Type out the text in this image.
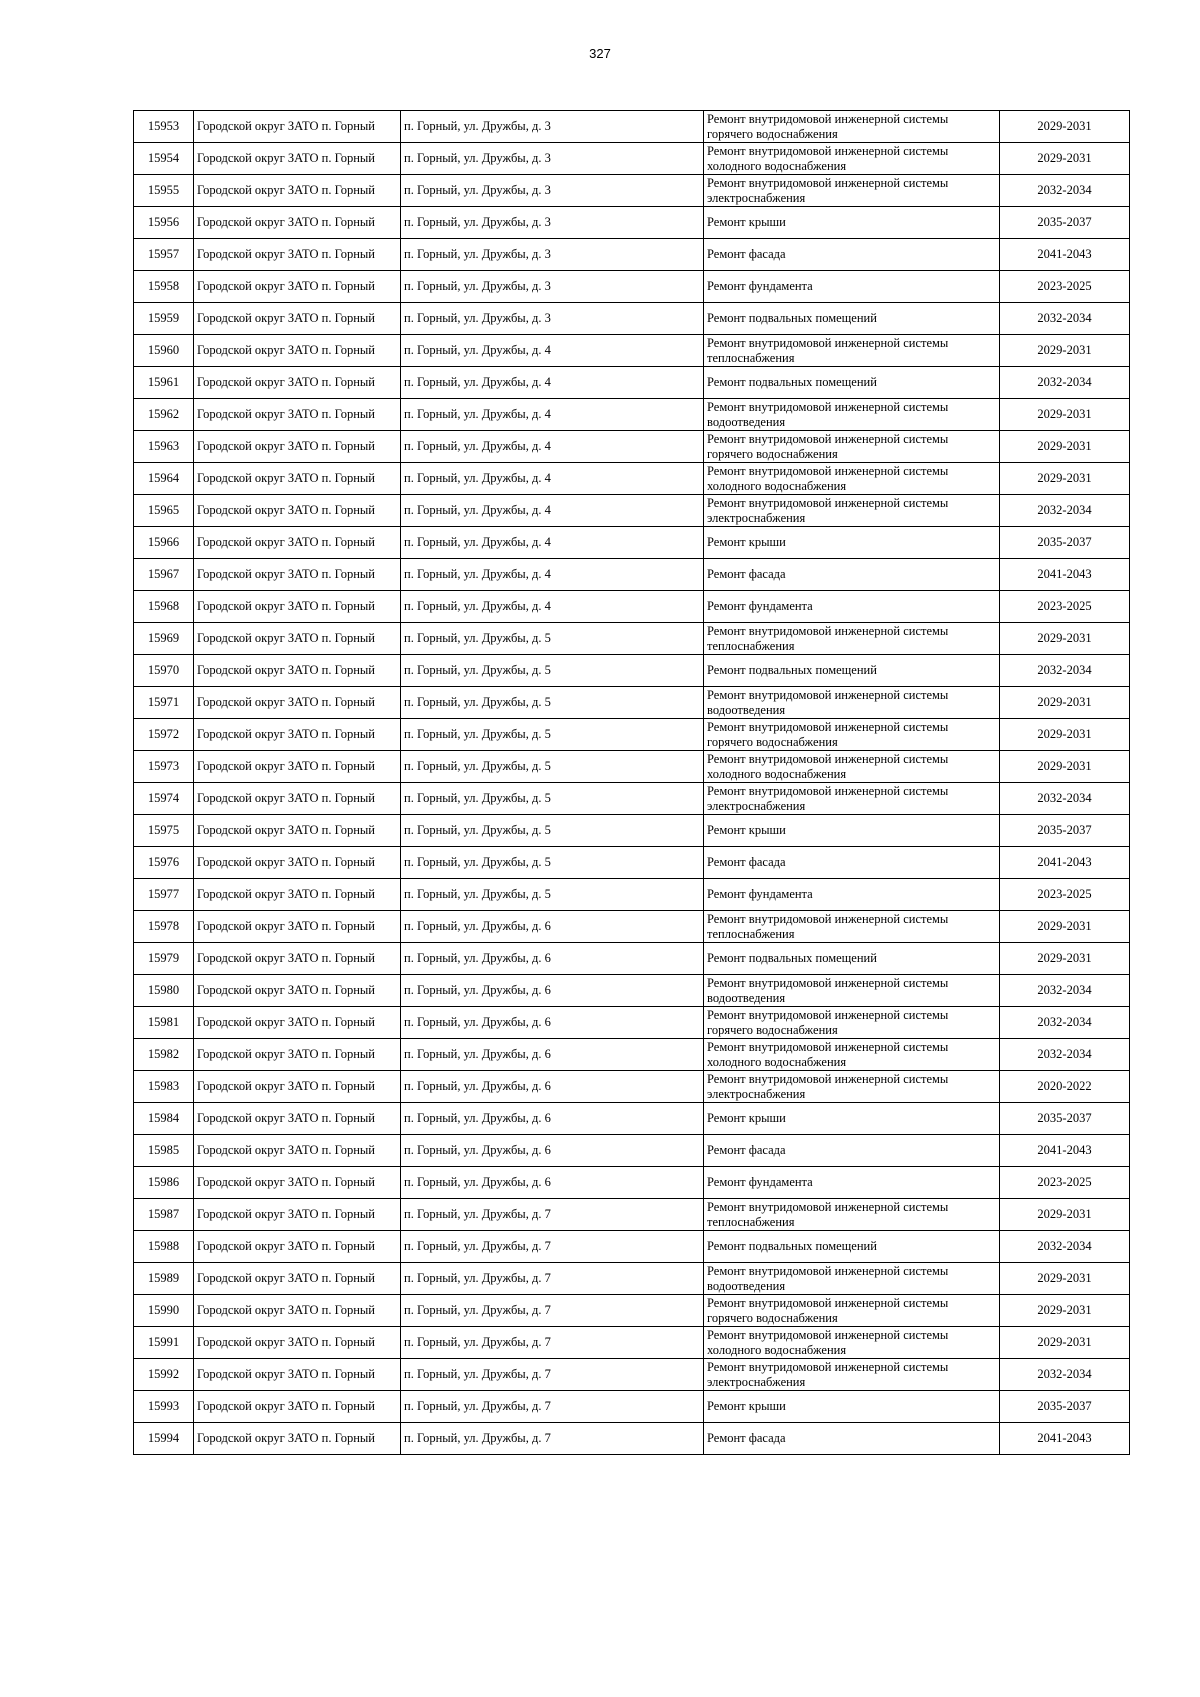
327
15953	Городской округ ЗАТО п. Горный	п. Горный, ул. Дружбы, д. 3	Ремонт внутридомовой инженерной системы горячего водоснабжения	2029-2031
15954	Городской округ ЗАТО п. Горный	п. Горный, ул. Дружбы, д. 3	Ремонт внутридомовой инженерной системы холодного водоснабжения	2029-2031
15955	Городской округ ЗАТО п. Горный	п. Горный, ул. Дружбы, д. 3	Ремонт внутридомовой инженерной системы электроснабжения	2032-2034
15956	Городской округ ЗАТО п. Горный	п. Горный, ул. Дружбы, д. 3	Ремонт крыши	2035-2037
15957	Городской округ ЗАТО п. Горный	п. Горный, ул. Дружбы, д. 3	Ремонт фасада	2041-2043
15958	Городской округ ЗАТО п. Горный	п. Горный, ул. Дружбы, д. 3	Ремонт фундамента	2023-2025
15959	Городской округ ЗАТО п. Горный	п. Горный, ул. Дружбы, д. 3	Ремонт подвальных помещений	2032-2034
15960	Городской округ ЗАТО п. Горный	п. Горный, ул. Дружбы, д. 4	Ремонт внутридомовой инженерной системы теплоснабжения	2029-2031
15961	Городской округ ЗАТО п. Горный	п. Горный, ул. Дружбы, д. 4	Ремонт подвальных помещений	2032-2034
15962	Городской округ ЗАТО п. Горный	п. Горный, ул. Дружбы, д. 4	Ремонт внутридомовой инженерной системы водоотведения	2029-2031
15963	Городской округ ЗАТО п. Горный	п. Горный, ул. Дружбы, д. 4	Ремонт внутридомовой инженерной системы горячего водоснабжения	2029-2031
15964	Городской округ ЗАТО п. Горный	п. Горный, ул. Дружбы, д. 4	Ремонт внутридомовой инженерной системы холодного водоснабжения	2029-2031
15965	Городской округ ЗАТО п. Горный	п. Горный, ул. Дружбы, д. 4	Ремонт внутридомовой инженерной системы электроснабжения	2032-2034
15966	Городской округ ЗАТО п. Горный	п. Горный, ул. Дружбы, д. 4	Ремонт крыши	2035-2037
15967	Городской округ ЗАТО п. Горный	п. Горный, ул. Дружбы, д. 4	Ремонт фасада	2041-2043
15968	Городской округ ЗАТО п. Горный	п. Горный, ул. Дружбы, д. 4	Ремонт фундамента	2023-2025
15969	Городской округ ЗАТО п. Горный	п. Горный, ул. Дружбы, д. 5	Ремонт внутридомовой инженерной системы теплоснабжения	2029-2031
15970	Городской округ ЗАТО п. Горный	п. Горный, ул. Дружбы, д. 5	Ремонт подвальных помещений	2032-2034
15971	Городской округ ЗАТО п. Горный	п. Горный, ул. Дружбы, д. 5	Ремонт внутридомовой инженерной системы водоотведения	2029-2031
15972	Городской округ ЗАТО п. Горный	п. Горный, ул. Дружбы, д. 5	Ремонт внутридомовой инженерной системы горячего водоснабжения	2029-2031
15973	Городской округ ЗАТО п. Горный	п. Горный, ул. Дружбы, д. 5	Ремонт внутридомовой инженерной системы холодного водоснабжения	2029-2031
15974	Городской округ ЗАТО п. Горный	п. Горный, ул. Дружбы, д. 5	Ремонт внутридомовой инженерной системы электроснабжения	2032-2034
15975	Городской округ ЗАТО п. Горный	п. Горный, ул. Дружбы, д. 5	Ремонт крыши	2035-2037
15976	Городской округ ЗАТО п. Горный	п. Горный, ул. Дружбы, д. 5	Ремонт фасада	2041-2043
15977	Городской округ ЗАТО п. Горный	п. Горный, ул. Дружбы, д. 5	Ремонт фундамента	2023-2025
15978	Городской округ ЗАТО п. Горный	п. Горный, ул. Дружбы, д. 6	Ремонт внутридомовой инженерной системы теплоснабжения	2029-2031
15979	Городской округ ЗАТО п. Горный	п. Горный, ул. Дружбы, д. 6	Ремонт подвальных помещений	2029-2031
15980	Городской округ ЗАТО п. Горный	п. Горный, ул. Дружбы, д. 6	Ремонт внутридомовой инженерной системы водоотведения	2032-2034
15981	Городской округ ЗАТО п. Горный	п. Горный, ул. Дружбы, д. 6	Ремонт внутридомовой инженерной системы горячего водоснабжения	2032-2034
15982	Городской округ ЗАТО п. Горный	п. Горный, ул. Дружбы, д. 6	Ремонт внутридомовой инженерной системы холодного водоснабжения	2032-2034
15983	Городской округ ЗАТО п. Горный	п. Горный, ул. Дружбы, д. 6	Ремонт внутридомовой инженерной системы электроснабжения	2020-2022
15984	Городской округ ЗАТО п. Горный	п. Горный, ул. Дружбы, д. 6	Ремонт крыши	2035-2037
15985	Городской округ ЗАТО п. Горный	п. Горный, ул. Дружбы, д. 6	Ремонт фасада	2041-2043
15986	Городской округ ЗАТО п. Горный	п. Горный, ул. Дружбы, д. 6	Ремонт фундамента	2023-2025
15987	Городской округ ЗАТО п. Горный	п. Горный, ул. Дружбы, д. 7	Ремонт внутридомовой инженерной системы теплоснабжения	2029-2031
15988	Городской округ ЗАТО п. Горный	п. Горный, ул. Дружбы, д. 7	Ремонт подвальных помещений	2032-2034
15989	Городской округ ЗАТО п. Горный	п. Горный, ул. Дружбы, д. 7	Ремонт внутридомовой инженерной системы водоотведения	2029-2031
15990	Городской округ ЗАТО п. Горный	п. Горный, ул. Дружбы, д. 7	Ремонт внутридомовой инженерной системы горячего водоснабжения	2029-2031
15991	Городской округ ЗАТО п. Горный	п. Горный, ул. Дружбы, д. 7	Ремонт внутридомовой инженерной системы холодного водоснабжения	2029-2031
15992	Городской округ ЗАТО п. Горный	п. Горный, ул. Дружбы, д. 7	Ремонт внутридомовой инженерной системы электроснабжения	2032-2034
15993	Городской округ ЗАТО п. Горный	п. Горный, ул. Дружбы, д. 7	Ремонт крыши	2035-2037
15994	Городской округ ЗАТО п. Горный	п. Горный, ул. Дружбы, д. 7	Ремонт фасада	2041-2043
